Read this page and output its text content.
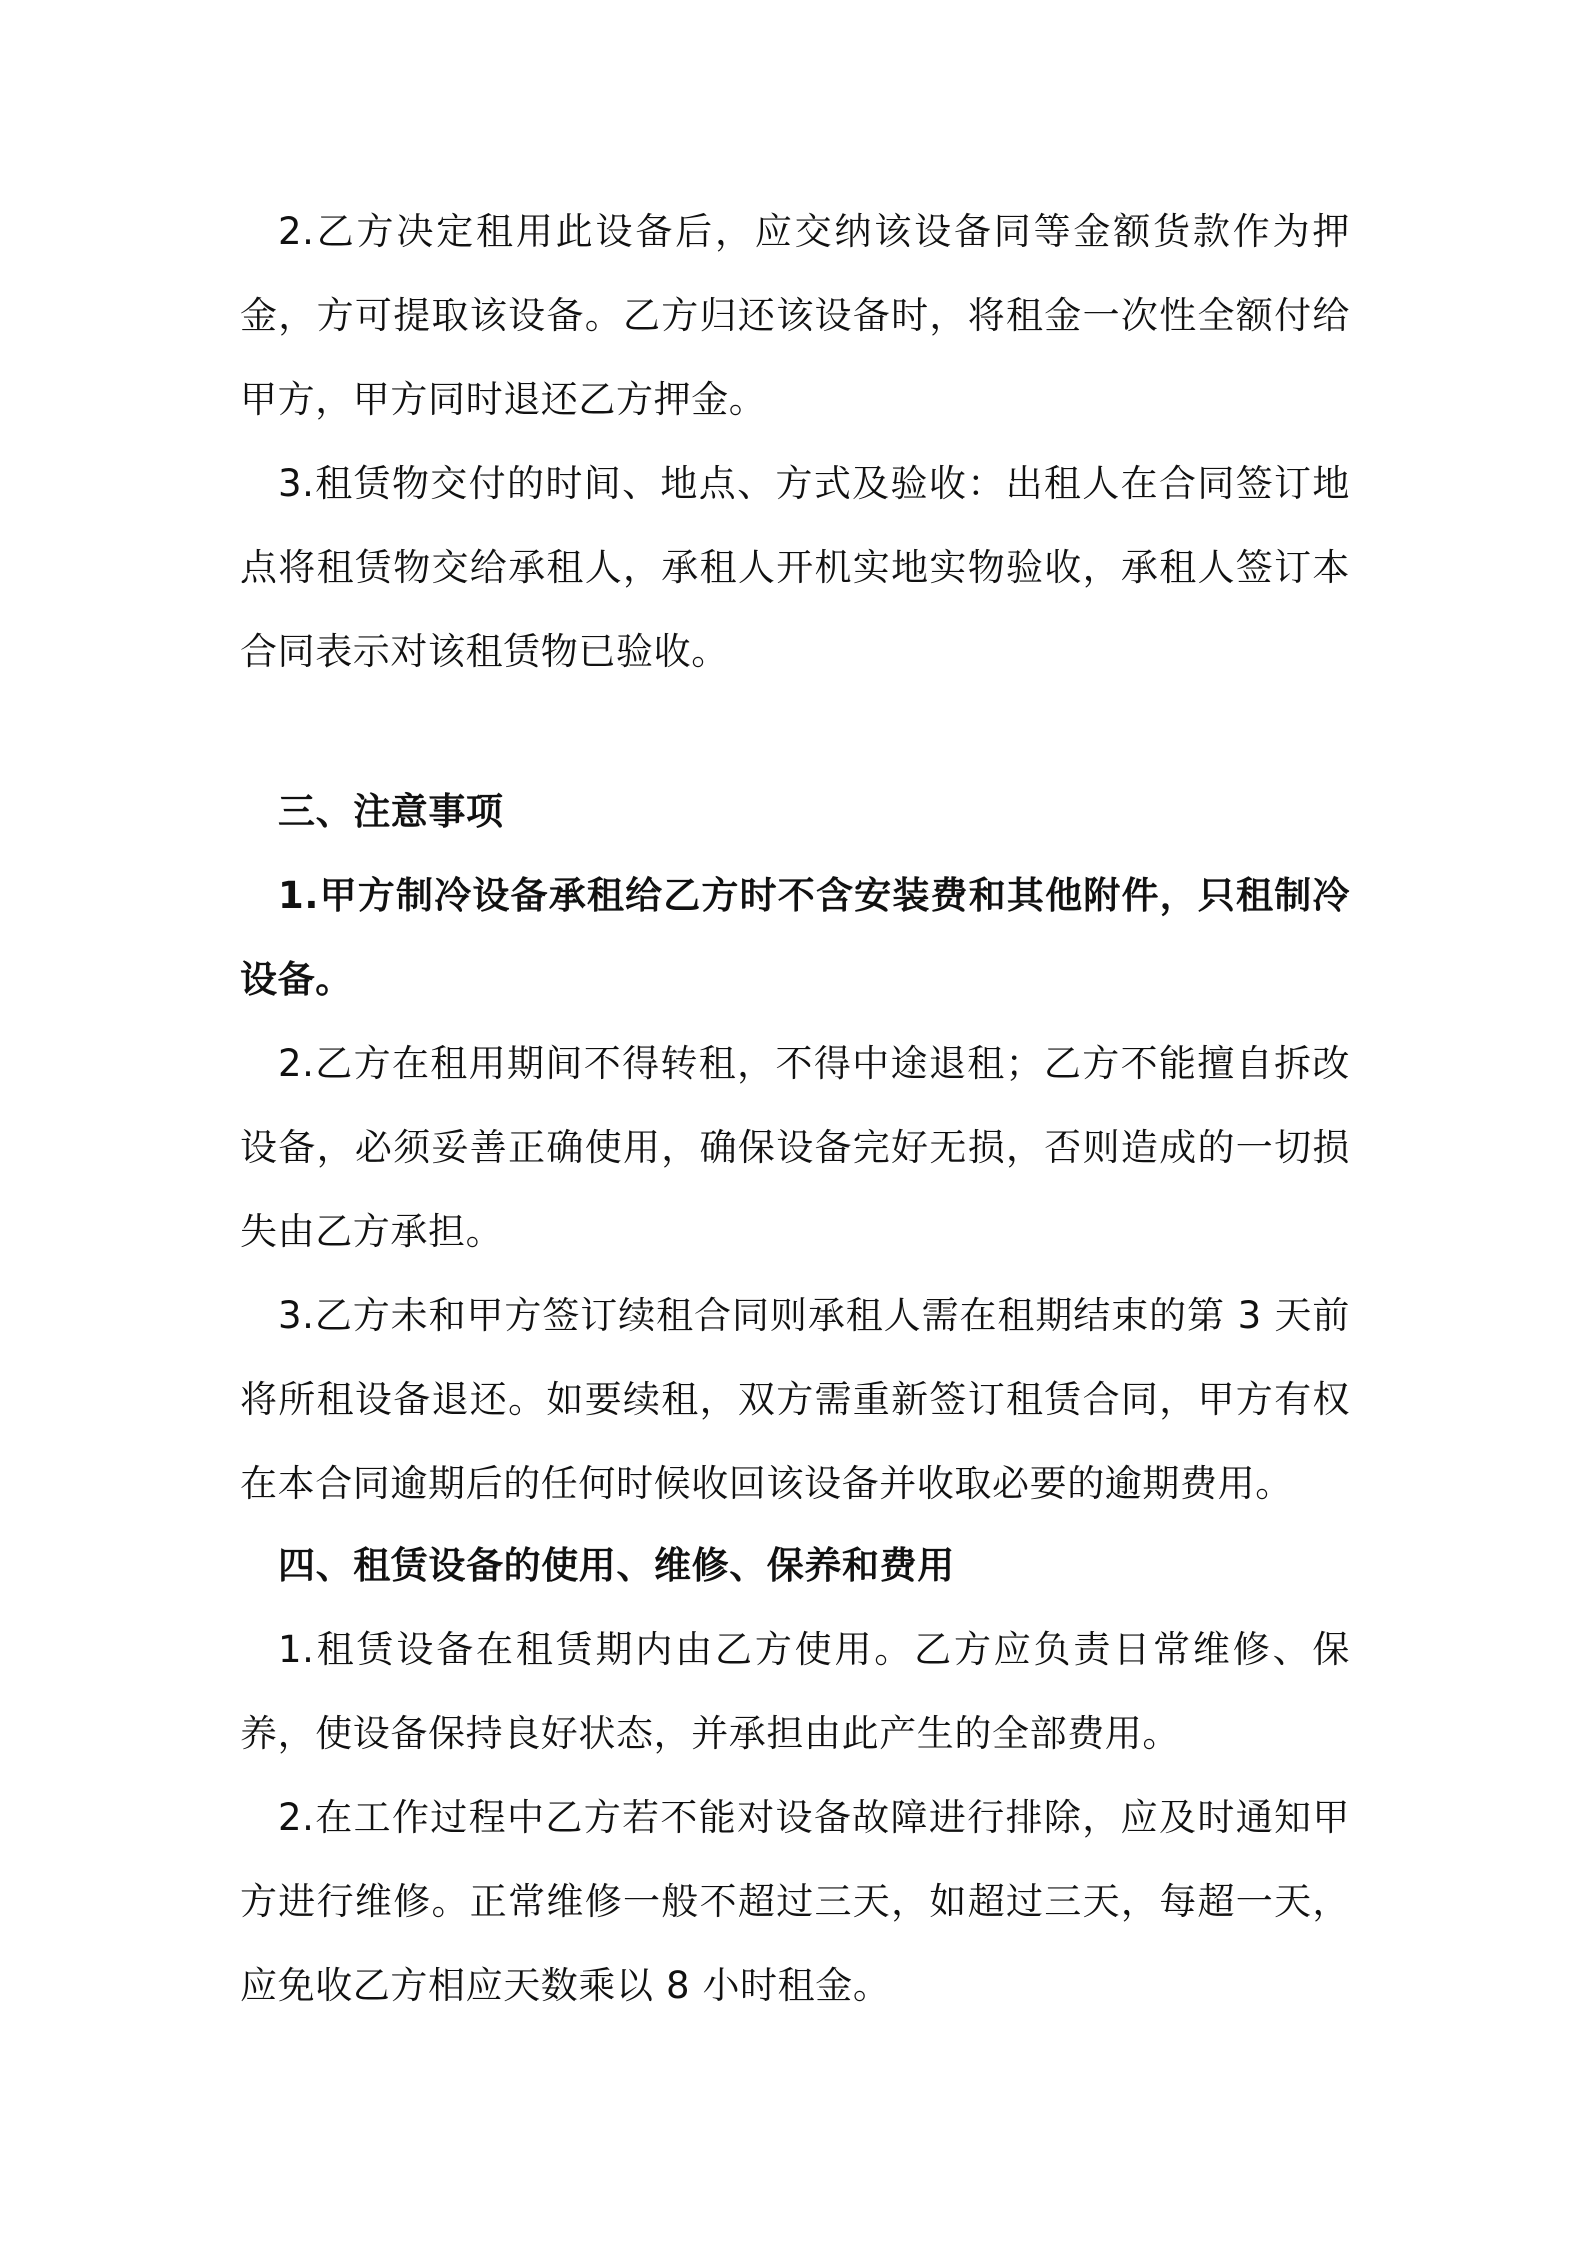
2.乙方决定租用此设备后，应交纳该设备同等金额货款作为押金，方可提取该设备。乙方归还该设备时，将租金一次性全额付给甲方，甲方同时退还乙方押金。

3.租赁物交付的时间、地点、方式及验收：出租人在合同签订地点将租赁物交给承租人，承租人开机实地实物验收，承租人签订本合同表示对该租赁物已验收。

三、注意事项

1.甲方制冷设备承租给乙方时不含安装费和其他附件，只租制冷设备。

2.乙方在租用期间不得转租，不得中途退租；乙方不能擅自拆改设备，必须妥善正确使用，确保设备完好无损，否则造成的一切损失由乙方承担。

3.乙方未和甲方签订续租合同则承租人需在租期结束的第 3 天前将所租设备退还。如要续租，双方需重新签订租赁合同，甲方有权在本合同逾期后的任何时候收回该设备并收取必要的逾期费用。

四、租赁设备的使用、维修、保养和费用

1.租赁设备在租赁期内由乙方使用。乙方应负责日常维修、保养，使设备保持良好状态，并承担由此产生的全部费用。

2.在工作过程中乙方若不能对设备故障进行排除，应及时通知甲方进行维修。正常维修一般不超过三天，如超过三天，每超一天，应免收乙方相应天数乘以 8 小时租金。
